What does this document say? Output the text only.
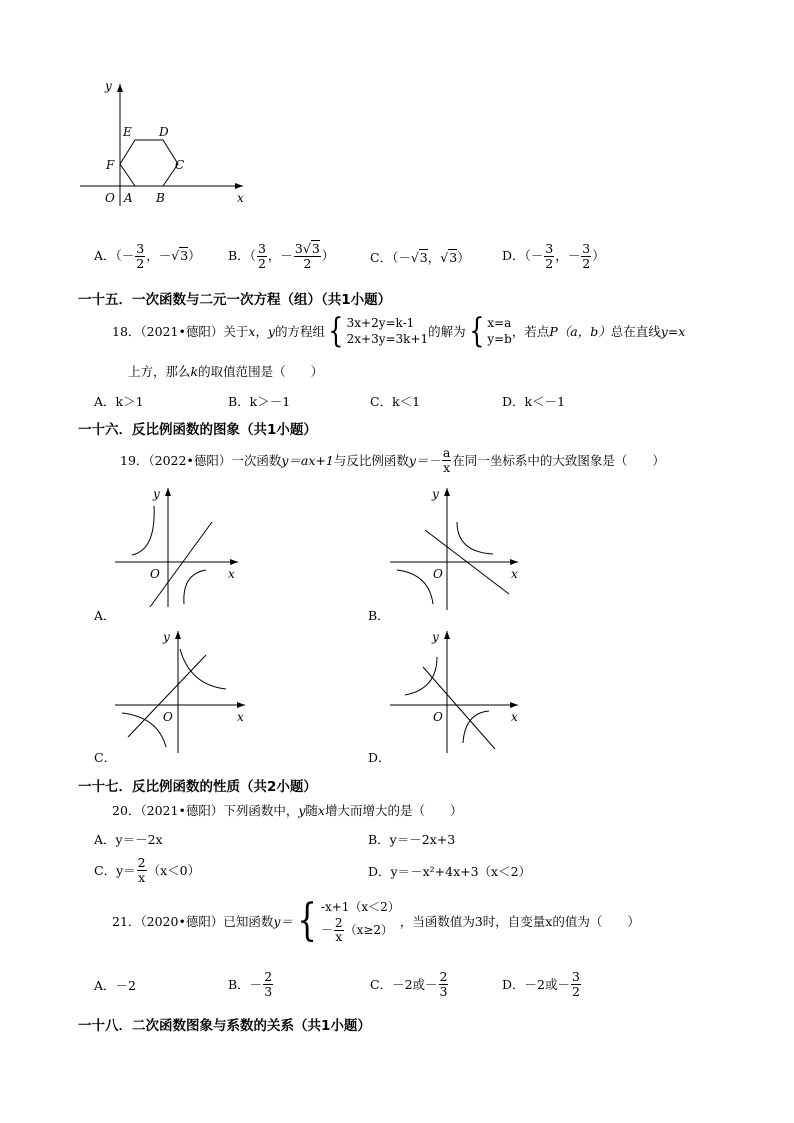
y
x
O A B
C
D
E
F
A．（－ $\frac{3}{2}$ ，－√3） B．（ $\frac{3}{2}$ ，－ $\frac{3√3}{2}$ ）	C．（－√3，√3）	D．（－ $\frac{3}{2}$ ，－ $\frac{3}{2}$ ）
一十五．一次函数与二元一次方程（组）（共1小题）
18．（2021•德阳）关于 x，y 的方程组 { 3x+2y=k-1
2x+3y=3k+1 的解为 { x=a
y=b ，若点 P（a，b） 总在直线 y=x
上方，那么k的取值范围是（　　）
A．k＞1	B．k＞－1	C．k＜1	D．k＜－1
一十六．反比例函数的图象（共1小题）
19．（2022•德阳）一次函数 y＝ax+1 与反比例函数 $y=- \frac{a}{x}$ 在同一坐标系中的大致图象是（　　）
y
x
O
A．
y
x
O
B．
y
x
O
C．
y
x
O
D．
一十七．反比例函数的性质（共2小题）
20．（2021•德阳）下列函数中，y随x增大而增大的是（　　）
A．y＝－2x	B．y＝－2x+3
C．$y= \frac{2}{x} (x<0)$	D．y＝－x²+4x+3（x＜2）
21．（2020•德阳）已知函数 y＝ { -x+1（x＜2）
－ $\frac{2}{x} (x\ge 2)$
，当函数值为3时，自变量x的值为（　　）
A．－2	B．－ $\frac{2}{3}$	C．－2或－ $\frac{2}{3}$	D．－2或－ $\frac{3}{2}$
一十八．二次函数图象与系数的关系（共1小题）
